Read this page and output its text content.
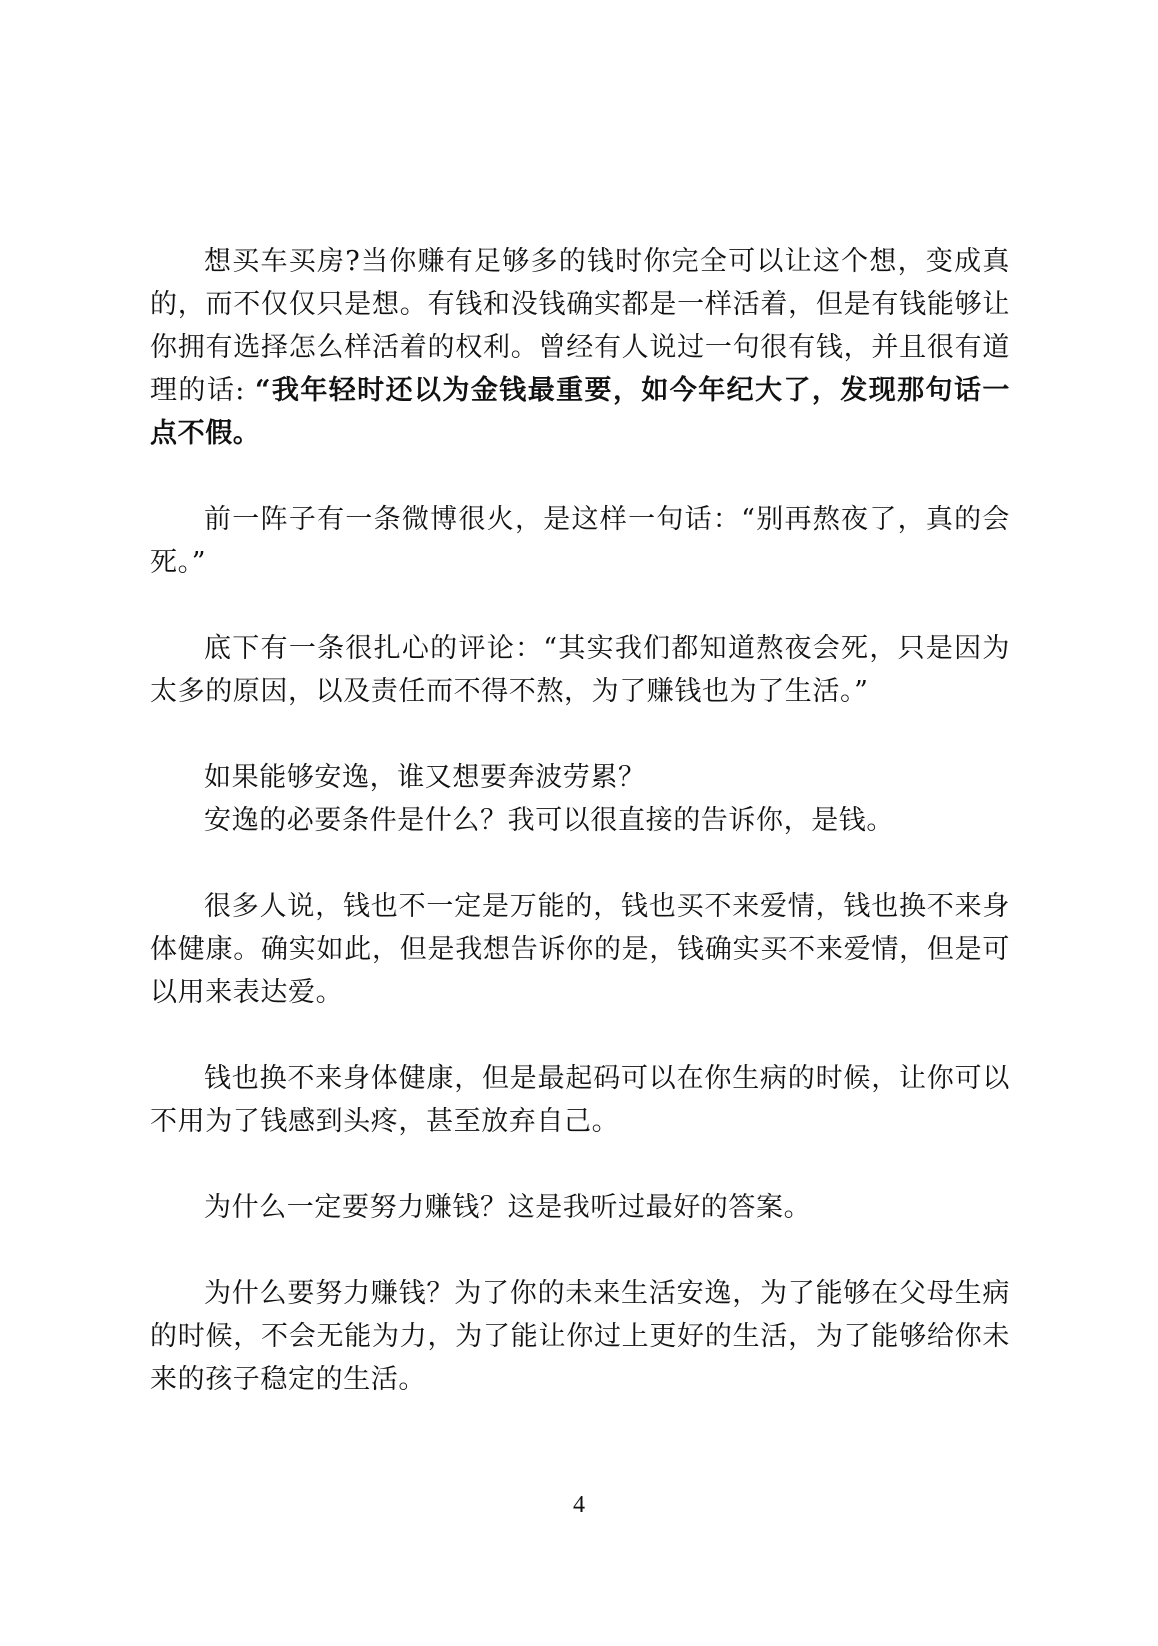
想买车买房?当你赚有足够多的钱时你完全可以让这个想，变成真的，而不仅仅只是想。有钱和没钱确实都是一样活着，但是有钱能够让你拥有选择怎么样活着的权利。曾经有人说过一句很有钱，并且很有道理的话: “我年轻时还以为金钱最重要，如今年纪大了，发现那句话一点不假。

前一阵子有一条微博很火，是这样一句话：“别再熬夜了，真的会死。”

底下有一条很扎心的评论：“其实我们都知道熬夜会死，只是因为太多的原因，以及责任而不得不熬，为了赚钱也为了生活。”

如果能够安逸，谁又想要奔波劳累？

安逸的必要条件是什么？我可以很直接的告诉你，是钱。

很多人说，钱也不一定是万能的，钱也买不来爱情，钱也换不来身体健康。确实如此，但是我想告诉你的是，钱确实买不来爱情，但是可以用来表达爱。

钱也换不来身体健康，但是最起码可以在你生病的时候，让你可以不用为了钱感到头疼，甚至放弃自己。

为什么一定要努力赚钱？这是我听过最好的答案。

为什么要努力赚钱？为了你的未来生活安逸，为了能够在父母生病的时候，不会无能为力，为了能让你过上更好的生活，为了能够给你未来的孩子稳定的生活。

4
